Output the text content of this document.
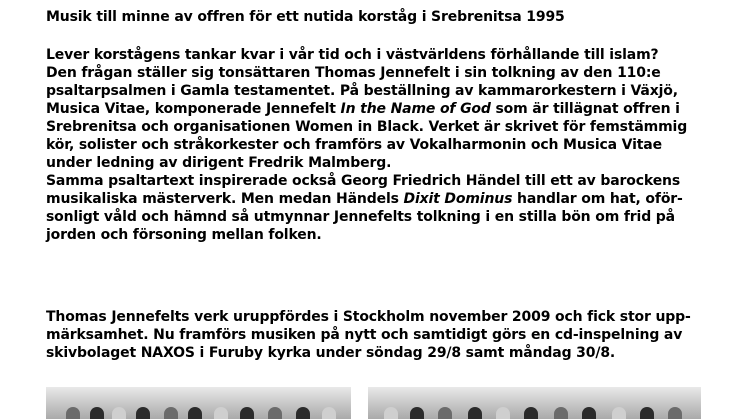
Musik till minne av offren för ett nutida korståg i Srebrenitsa 1995
Lever korstågens tankar kvar i vår tid och i västvärldens förhållande till islam?
Den frågan ställer sig tonsättaren Thomas Jennefelt i sin tolkning av den 110:e
psaltarpsalmen i Gamla testamentet. På beställning av kammarorkestern i Växjö,
Musica Vitae, komponerade Jennefelt In the Name of God som är tillägnat offren i
Srebrenitsa och organisationen Women in Black. Verket är skrivet för femstämmig
kör, solister och stråkorkester och framförs av Vokalharmonin och Musica Vitae
under ledning av dirigent Fredrik Malmberg.
Samma psaltartext inspirerade också Georg Friedrich Händel till ett av barockens
musikaliska mästerverk. Men medan Händels Dixit Dominus handlar om hat, oför-
sonligt våld och hämnd så utmynnar Jennefelts tolkning i en stilla bön om frid på
jorden och försoning mellan folken.
Thomas Jennefelts verk uruppfördes i Stockholm november 2009 och fick stor upp-
märksamhet. Nu framförs musiken på nytt och samtidigt görs en cd-inspelning av
skivbolaget NAXOS i Furuby kyrka under söndag 29/8 samt måndag 30/8.
